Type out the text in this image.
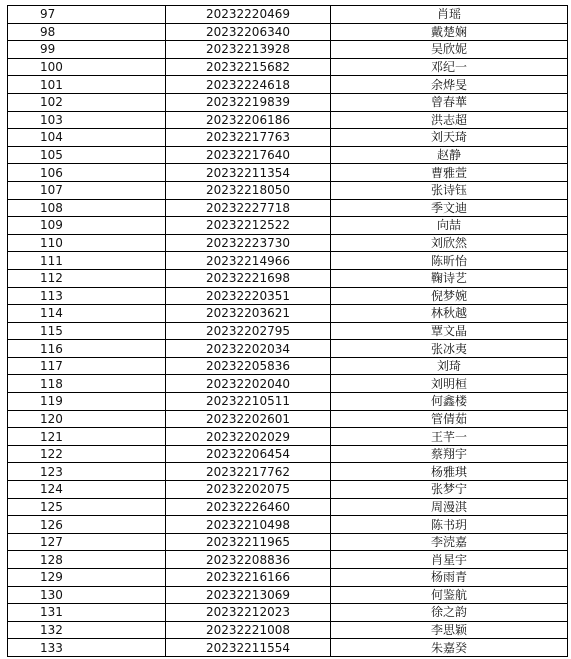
97	20232220469	肖瑶
98	20232206340	戴楚娴
99	20232213928	吴欣妮
100	20232215682	邓纪一
101	20232224618	余烨旻
102	20232219839	曾春華
103	20232206186	洪志超
104	20232217763	刘天琦
105	20232217640	赵静
106	20232211354	曹雅萱
107	20232218050	张诗钰
108	20232227718	季文迪
109	20232212522	向喆
110	20232223730	刘欣然
111	20232214966	陈昕怡
112	20232221698	鞠诗艺
113	20232220351	倪梦婉
114	20232203621	林秋越
115	20232202795	覃文晶
116	20232202034	张冰夷
117	20232205836	刘琦
118	20232202040	刘明桓
119	20232210511	何鑫楼
120	20232202601	管倩茹
121	20232202029	王芊一
122	20232206454	蔡翔宇
123	20232217762	杨雅琪
124	20232202075	张梦宁
125	20232226460	周漫淇
126	20232210498	陈书玥
127	20232211965	李涜嘉
128	20232208836	肖星宇
129	20232216166	杨雨青
130	20232213069	何鉴航
131	20232212023	徐之韵
132	20232221008	李思颖
133	20232211554	朱嘉癸
